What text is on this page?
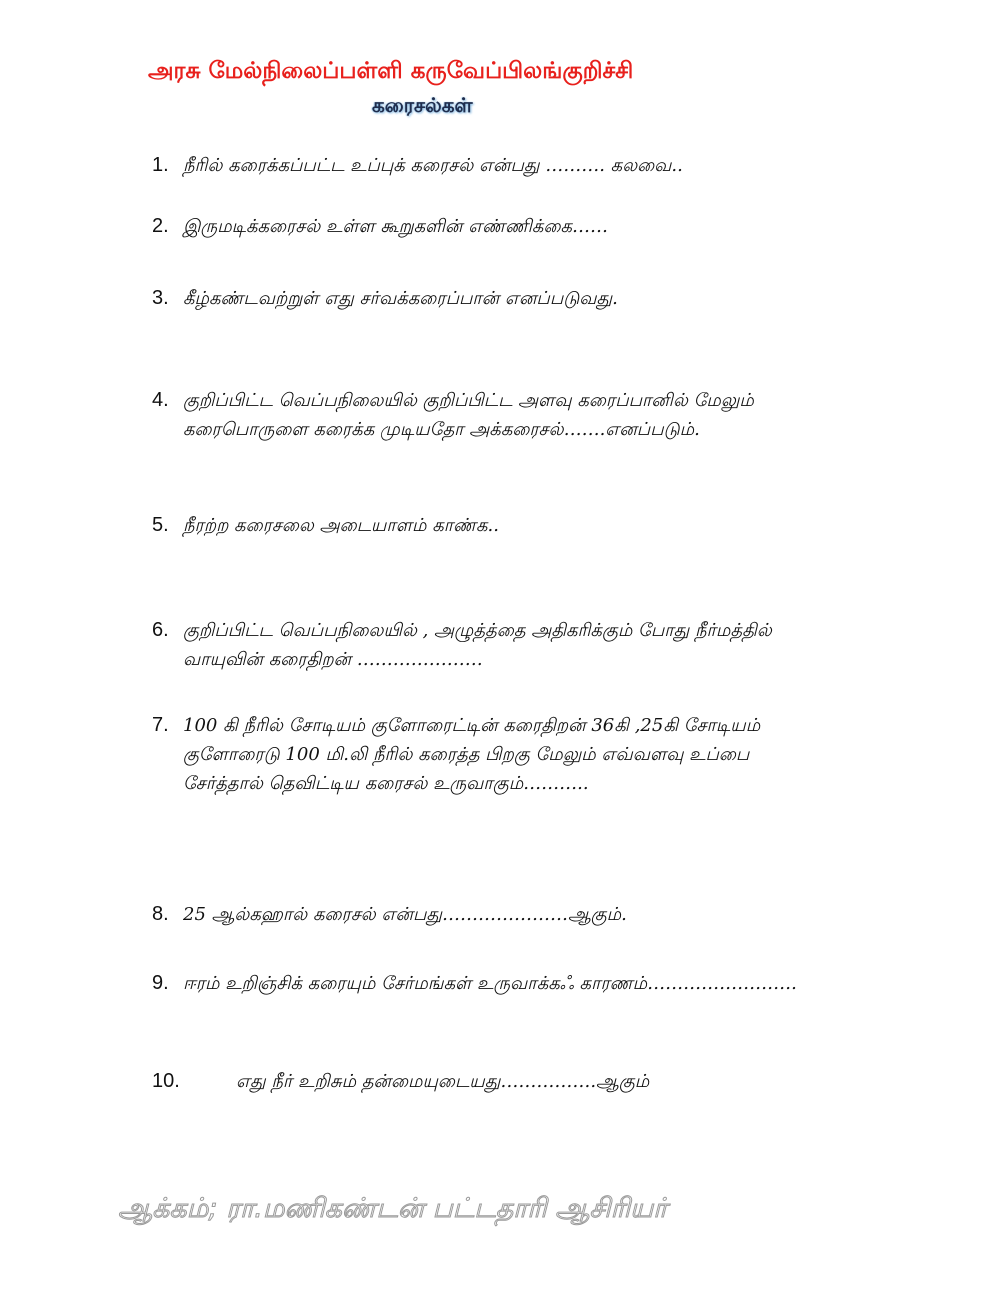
அரசு மேல்நிலைப்பள்ளி கருவேப்பிலங்குறிச்சி
கரைசல்கள்
1. நீரில் கரைக்கப்பட்ட உப்புக் கரைசல் என்பது ………. கலவை..
2. இருமடிக்கரைசல் உள்ள கூறுகளின் எண்ணிக்கை……
3. கீழ்கண்டவற்றுள் எது சர்வக்கரைப்பான் எனப்படுவது.
4. குறிப்பிட்ட வெப்பநிலையில் குறிப்பிட்ட அளவு கரைப்பானில் மேலும் கரைபொருளை கரைக்க முடியதோ அக்கரைசல்…….எனப்படும்.
5. நீரற்ற கரைசலை அடையாளம் காண்க..
6. குறிப்பிட்ட வெப்பநிலையில் , அழுத்த்தை அதிகரிக்கும் போது நீர்மத்தில் வாயுவின் கரைதிறன் …………………
7. 100 கி நீரில் சோடியம் குளோரைட்டின் கரைதிறன் 36கி ,25கி சோடியம் குளோரைடு 100 மி.லி நீரில் கரைத்த பிறகு மேலும் எவ்வளவு உப்பை சேர்த்தால் தெவிட்டிய கரைசல் உருவாகும்………..
8. 25 ஆல்கஹால் கரைசல் என்பது…………………ஆகும்.
9. ஈரம் உறிஞ்சிக் கரையும் சேர்மங்கள் உருவாக்கஃ காரணம்…………………….
10.	எது நீர் உறிசும் தன்மையுடையது…………….ஆகும்
ஆக்கம்; ரா.மணிகண்டன் பட்டதாரி ஆசிரியர்
